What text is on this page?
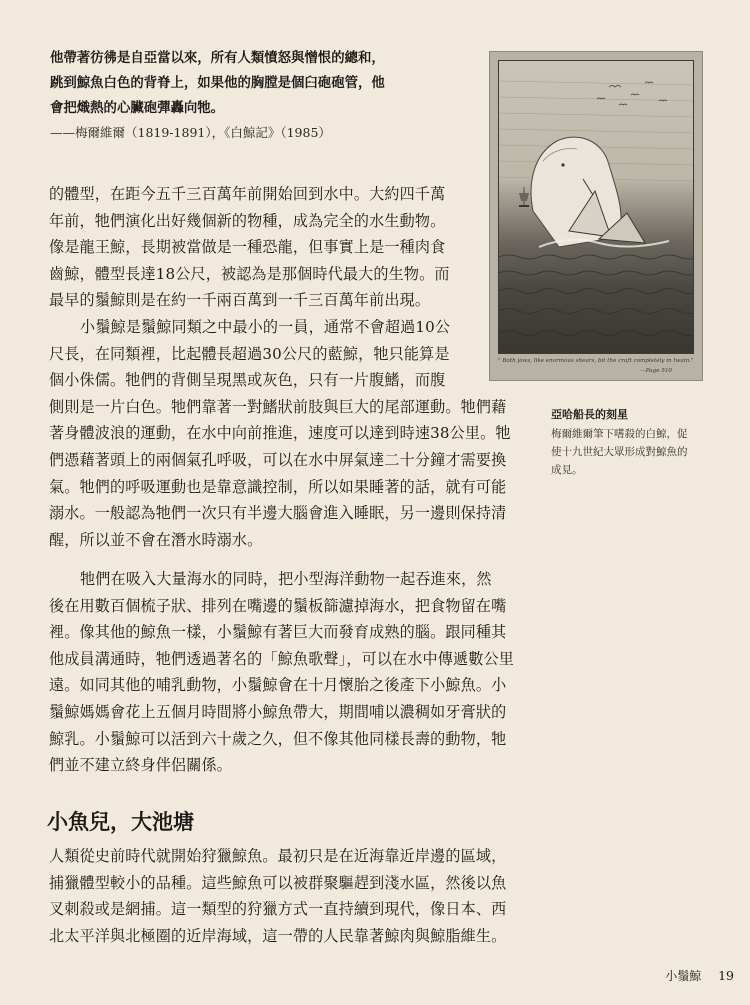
他帶著彷彿是自亞當以來，所有人類憤怒與憎恨的總和，
跳到鯨魚白色的背脊上，如果他的胸膛是個臼砲砲管，他
會把熾熱的心臟砲彈轟向牠。
——梅爾維爾（1819-1891），《白鯨記》（1985）
" Both jaws, like enormous shears, bit the craft completely in twain."
—Page 510
亞哈船長的刻星
梅爾維爾筆下嗜殺的白鯨，促
使十九世紀大眾形成對鯨魚的
成見。
的體型，在距今五千三百萬年前開始回到水中。大約四千萬
年前，牠們演化出好幾個新的物種，成為完全的水生動物。
像是龍王鯨，長期被當做是一種恐龍，但事實上是一種肉食
齒鯨，體型長達18公尺，被認為是那個時代最大的生物。而
最早的鬚鯨則是在約一千兩百萬到一千三百萬年前出現。
小鬚鯨是鬚鯨同類之中最小的一員，通常不會超過10公
尺長，在同類裡，比起體長超過30公尺的藍鯨，牠只能算是
個小侏儒。牠們的背側呈現黑或灰色，只有一片腹鰭，而腹
側則是一片白色。牠們靠著一對鰭狀前肢與巨大的尾部運動。牠們藉
著身體波浪的運動，在水中向前推進，速度可以達到時速38公里。牠
們憑藉著頭上的兩個氣孔呼吸，可以在水中屏氣達二十分鐘才需要換
氣。牠們的呼吸運動也是靠意識控制，所以如果睡著的話，就有可能
溺水。一般認為牠們一次只有半邊大腦會進入睡眠，另一邊則保持清
醒，所以並不會在潛水時溺水。
牠們在吸入大量海水的同時，把小型海洋動物一起吞進來，然
後在用數百個梳子狀、排列在嘴邊的鬚板篩濾掉海水，把食物留在嘴
裡。像其他的鯨魚一樣，小鬚鯨有著巨大而發育成熟的腦。跟同種其
他成員溝通時，牠們透過著名的「鯨魚歌聲」，可以在水中傳遞數公里
遠。如同其他的哺乳動物，小鬚鯨會在十月懷胎之後產下小鯨魚。小
鬚鯨媽媽會花上五個月時間將小鯨魚帶大，期間哺以濃稠如牙膏狀的
鯨乳。小鬚鯨可以活到六十歲之久，但不像其他同樣長壽的動物，牠
們並不建立終身伴侶關係。
小魚兒，大池塘
人類從史前時代就開始狩獵鯨魚。最初只是在近海靠近岸邊的區域，
捕獵體型較小的品種。這些鯨魚可以被群聚驅趕到淺水區，然後以魚
叉刺殺或是網捕。這一類型的狩獵方式一直持續到現代，像日本、西
北太平洋與北極圈的近岸海域，這一帶的人民靠著鯨肉與鯨脂維生。
小鬚鯨 19
